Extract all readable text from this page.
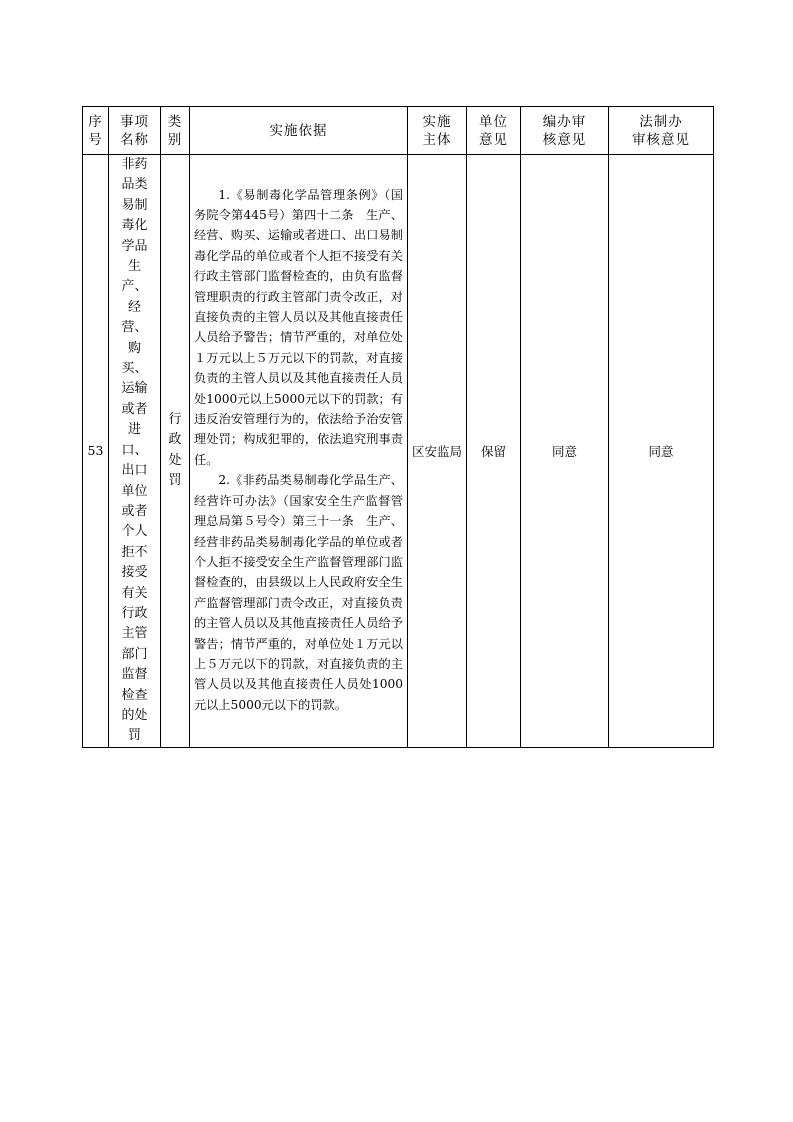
序
号	事项
名称	类
别	实施依据	实施
主体	单位
意见	编办审
核意见	法制办
审核意见

53	非药品类易制毒化学品生产、经营、购买、运输或者进口、出口单位或者个人拒不接受有关行政主管部门监督检查的处罚	行政处罚	1.《易制毒化学品管理条例》（国务院令第445号）第四十二条　生产、经营、购买、运输或者进口、出口易制毒化学品的单位或者个人拒不接受有关行政主管部门监督检查的，由负有监督管理职责的行政主管部门责令改正，对直接负责的主管人员以及其他直接责任人员给予警告；情节严重的，对单位处１万元以上５万元以下的罚款，对直接负责的主管人员以及其他直接责任人员处1000元以上5000元以下的罚款；有违反治安管理行为的，依法给予治安管理处罚；构成犯罪的，依法追究刑事责任。

2.《非药品类易制毒化学品生产、经营许可办法》（国家安全生产监督管理总局第５号令）第三十一条　生产、经营非药品类易制毒化学品的单位或者个人拒不接受安全生产监督管理部门监督检查的，由县级以上人民政府安全生产监督管理部门责令改正，对直接负责的主管人员以及其他直接责任人员给予警告；情节严重的，对单位处１万元以上５万元以下的罚款，对直接负责的主管人员以及其他直接责任人员处1000元以上5000元以下的罚款。	区安监局	保留	同意	同意
